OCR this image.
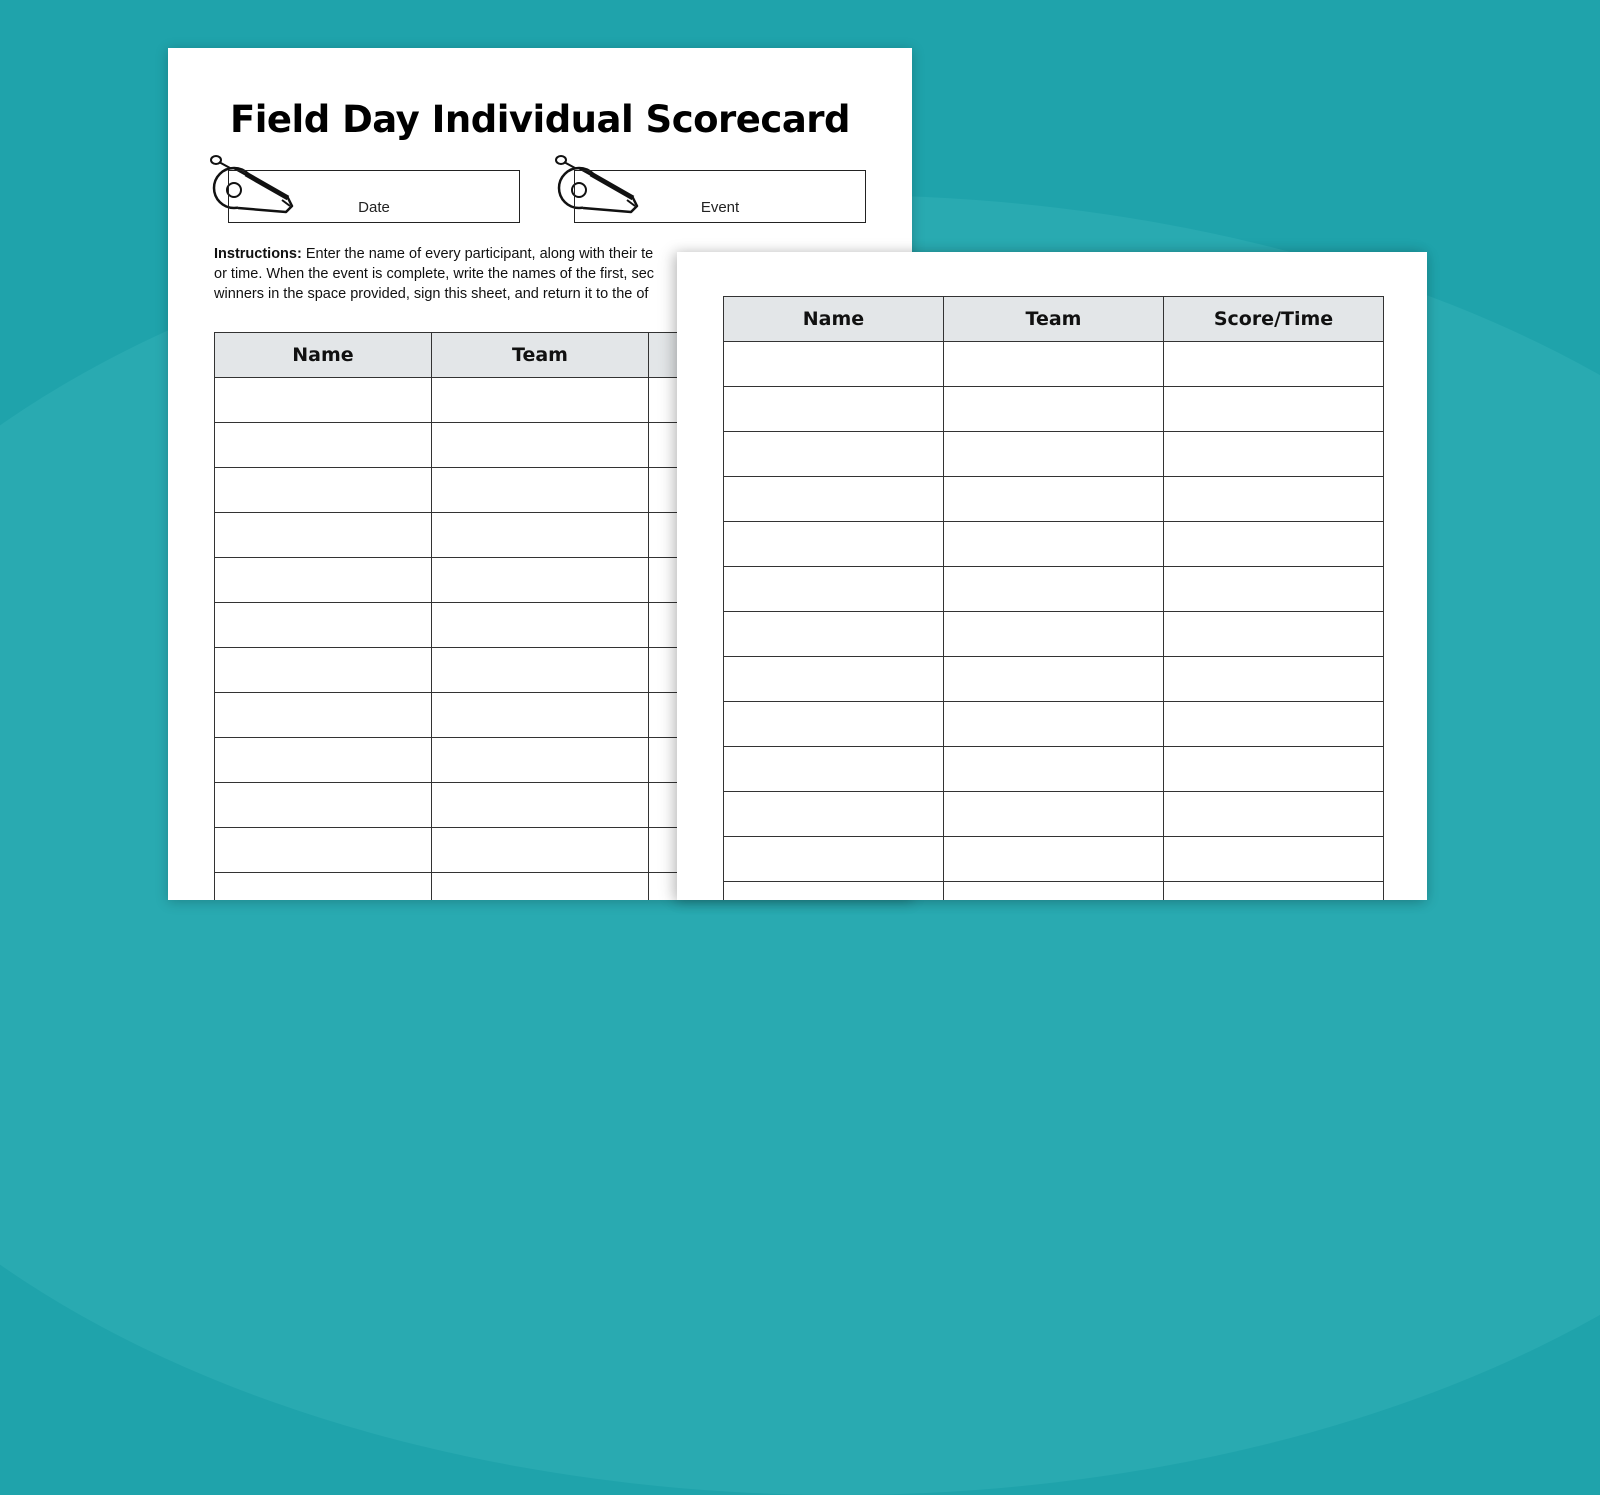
Field Day Individual Scorecard
Date	Event
Instructions: Enter the name of every participant, along with their te
or time. When the event is complete, write the names of the first, sec
winners in the space provided, sign this sheet, and return it to the of
Name	Team	

Name	Team	Score/Time
